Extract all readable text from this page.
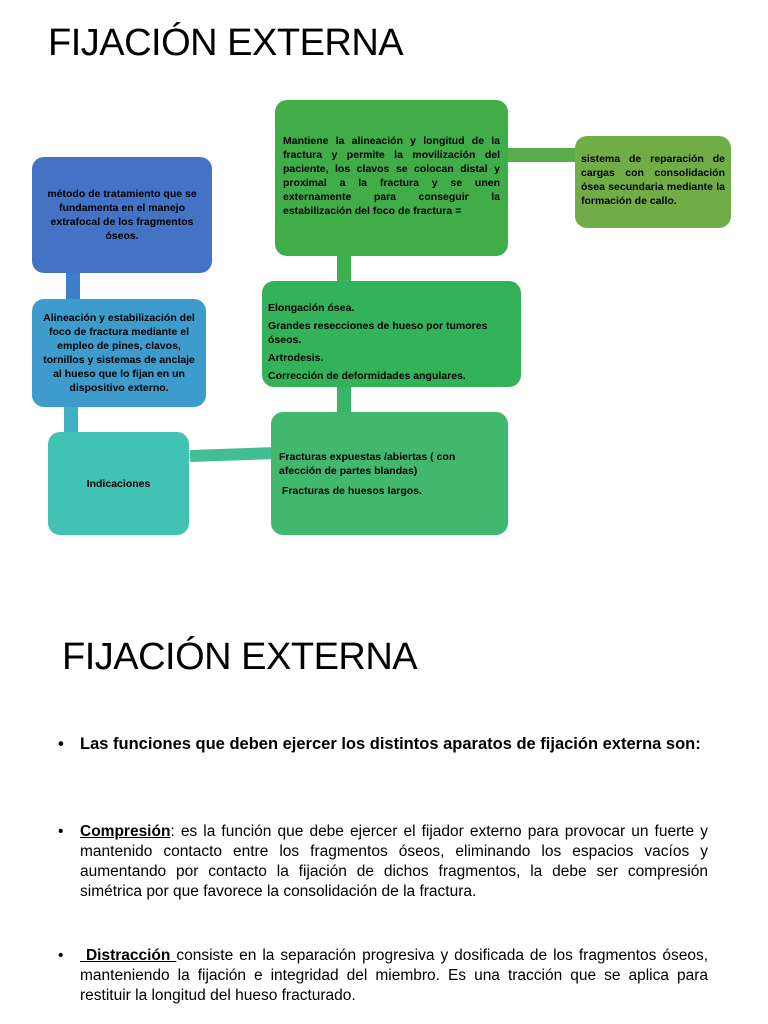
FIJACIÓN EXTERNA
método de tratamiento que se fundamenta en el manejo extrafocal de los fragmentos óseos.
Alineación y estabilización del foco de fractura mediante el empleo de pines, clavos, tornillos y sistemas de anclaje al hueso que lo fijan en un dispositivo externo.
Indicaciones
Mantiene la alineación y longitud de la fractura y permite la movilización del paciente, los clavos se colocan distal y proximal a la fractura y se unen externamente para conseguir la estabilización del foco de fractura =
sistema de reparación de cargas con consolidación ósea secundaria mediante la formación de callo.
Elongación ósea.
Grandes resecciones de hueso por tumores óseos.
Artrodesis.
Corrección de deformidades angulares.
Fracturas expuestas /abiertas ( con afección de partes blandas)
Fracturas de huesos largos.
FIJACIÓN EXTERNA
• Las funciones que deben ejercer los distintos aparatos de fijación externa son:
• Compresión: es la función que debe ejercer el fijador externo para provocar un fuerte y mantenido contacto entre los fragmentos óseos, eliminando los espacios vacíos y aumentando por contacto la fijación de dichos fragmentos, la debe ser compresión simétrica por que favorece la consolidación de la fractura.
• Distracción consiste en la separación progresiva y dosificada de los fragmentos óseos, manteniendo la fijación e integridad del miembro. Es una tracción que se aplica para restituir la longitud del hueso fracturado.
